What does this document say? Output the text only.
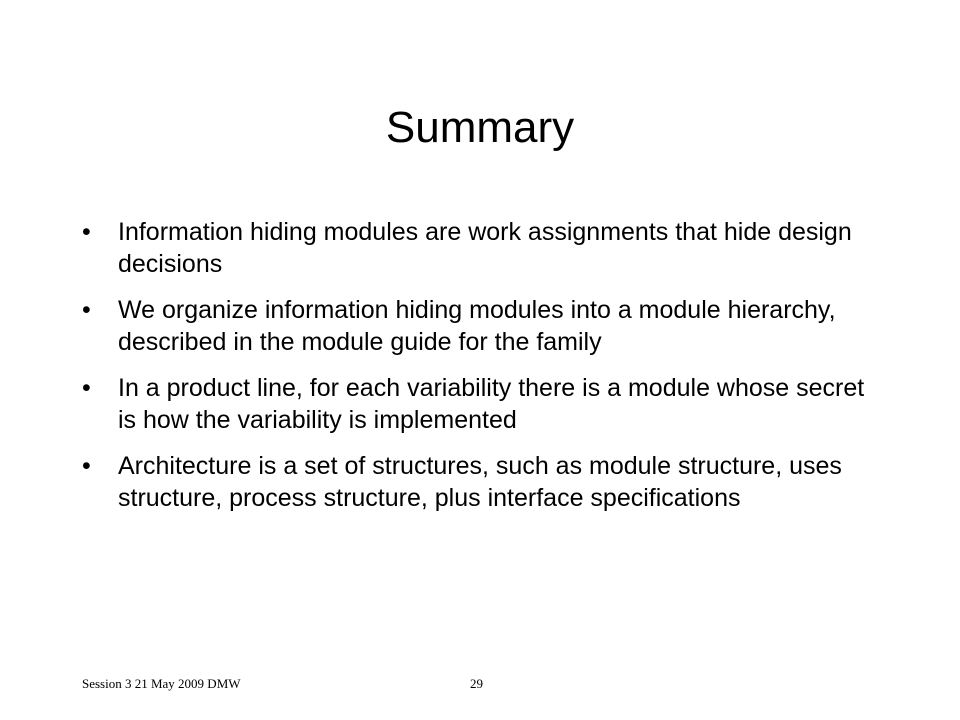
Summary
•	Information hiding modules are work assignments that hide design decisions
•	We organize information hiding modules into a module hierarchy, described in the module guide for the family
•	In a product line, for each variability there is a module whose secret is how the variability is implemented
•	Architecture is a set of structures, such as module structure, uses structure, process structure, plus interface specifications
Session 3 21 May 2009 DMW	29
